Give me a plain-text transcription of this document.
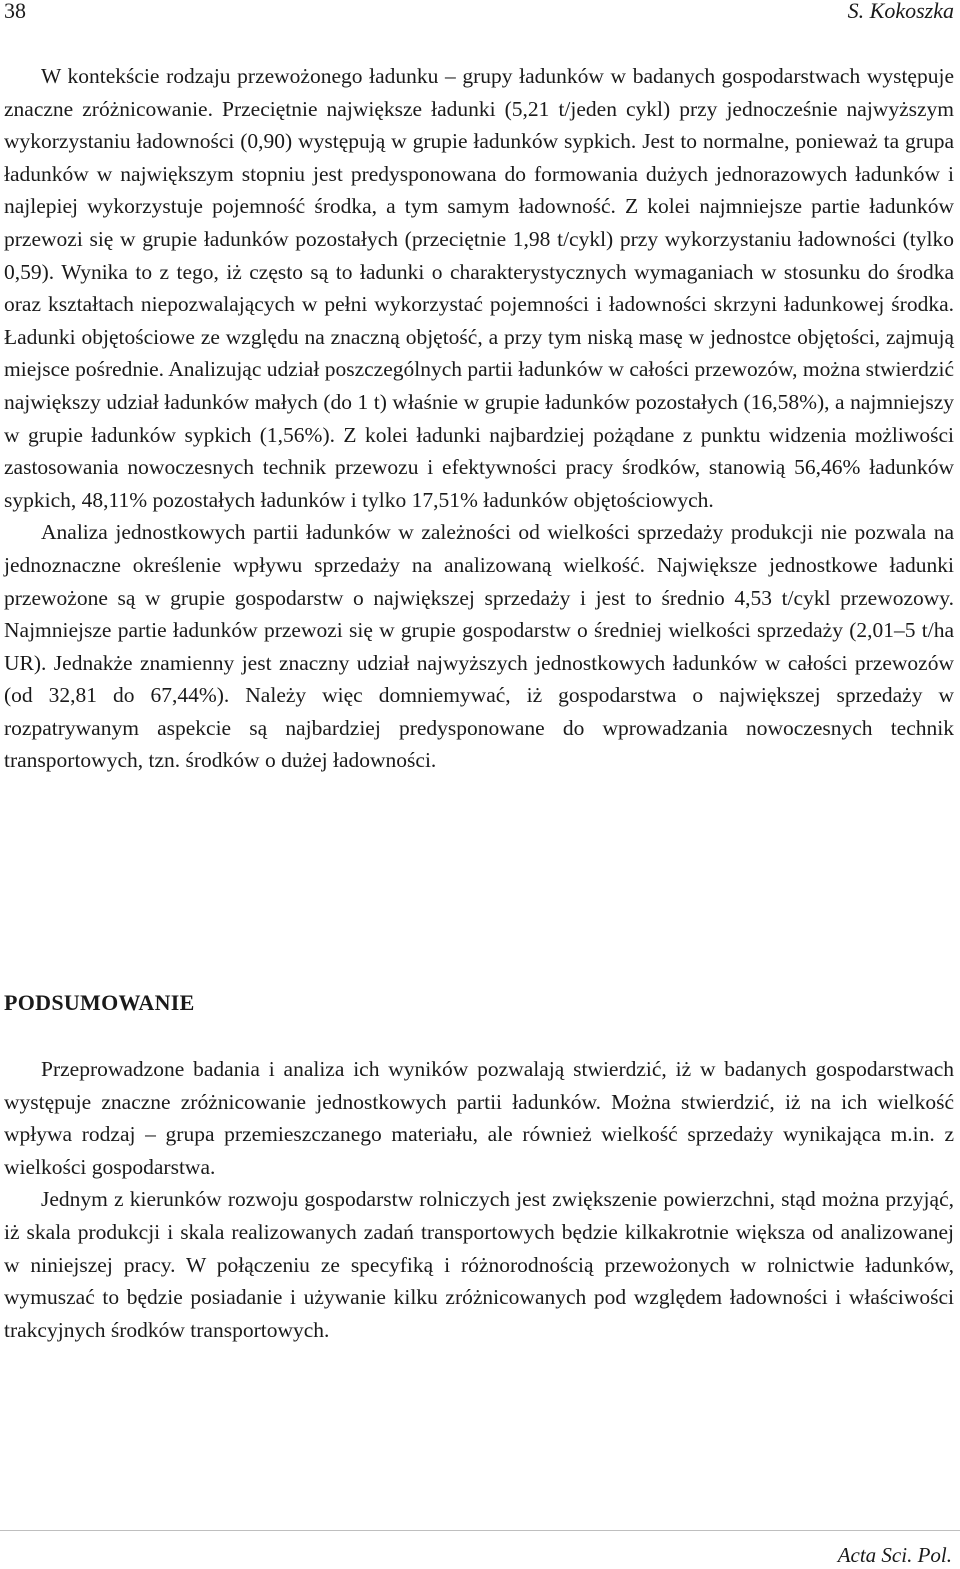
38	S. Kokoszka

W kontekście rodzaju przewożonego ładunku – grupy ładunków w badanych gospodarstwach występuje znaczne zróżnicowanie. Przeciętnie największe ładunki (5,21 t/jeden cykl) przy jednocześnie najwyższym wykorzystaniu ładowności (0,90) występują w grupie ładunków sypkich. Jest to normalne, ponieważ ta grupa ładunków w największym stopniu jest predysponowana do formowania dużych jednorazowych ładunków i najlepiej wykorzystuje pojemność środka, a tym samym ładowność. Z kolei najmniejsze partie ładunków przewozi się w grupie ładunków pozostałych (przeciętnie 1,98 t/cykl) przy wykorzystaniu ładowności (tylko 0,59). Wynika to z tego, iż często są to ładunki o charakterystycznych wymaganiach w stosunku do środka oraz kształtach niepozwalających w pełni wykorzystać pojemności i ładowności skrzyni ładunkowej środka. Ładunki objętościowe ze względu na znaczną objętość, a przy tym niską masę w jednostce objętości, zajmują miejsce pośrednie. Analizując udział poszczególnych partii ładunków w całości przewozów, można stwierdzić największy udział ładunków małych (do 1 t) właśnie w grupie ładunków pozostałych (16,58%), a najmniejszy w grupie ładunków sypkich (1,56%). Z kolei ładunki najbardziej pożądane z punktu widzenia możliwości zastosowania nowoczesnych technik przewozu i efektywności pracy środków, stanowią 56,46% ładunków sypkich, 48,11% pozostałych ładunków i tylko 17,51% ładunków objętościowych.

Analiza jednostkowych partii ładunków w zależności od wielkości sprzedaży produkcji nie pozwala na jednoznaczne określenie wpływu sprzedaży na analizowaną wielkość. Największe jednostkowe ładunki przewożone są w grupie gospodarstw o największej sprzedaży i jest to średnio 4,53 t/cykl przewozowy. Najmniejsze partie ładunków przewozi się w grupie gospodarstw o średniej wielkości sprzedaży (2,01–5 t/ha UR). Jednakże znamienny jest znaczny udział najwyższych jednostkowych ładunków w całości przewozów (od 32,81 do 67,44%). Należy więc domniemywać, iż gospodarstwa o największej sprzedaży w rozpatrywanym aspekcie są najbardziej predysponowane do wprowadzania nowoczesnych technik transportowych, tzn. środków o dużej ładowności.

PODSUMOWANIE

Przeprowadzone badania i analiza ich wyników pozwalają stwierdzić, iż w badanych gospodarstwach występuje znaczne zróżnicowanie jednostkowych partii ładunków. Można stwierdzić, iż na ich wielkość wpływa rodzaj – grupa przemieszczanego materiału, ale również wielkość sprzedaży wynikająca m.in. z wielkości gospodarstwa.

Jednym z kierunków rozwoju gospodarstw rolniczych jest zwiększenie powierzchni, stąd można przyjąć, iż skala produkcji i skala realizowanych zadań transportowych będzie kilkakrotnie większa od analizowanej w niniejszej pracy. W połączeniu ze specyfiką i różnorodnością przewożonych w rolnictwie ładunków, wymuszać to będzie posiadanie i używanie kilku zróżnicowanych pod względem ładowności i właściwości trakcyjnych środków transportowych.

Acta Sci. Pol.
